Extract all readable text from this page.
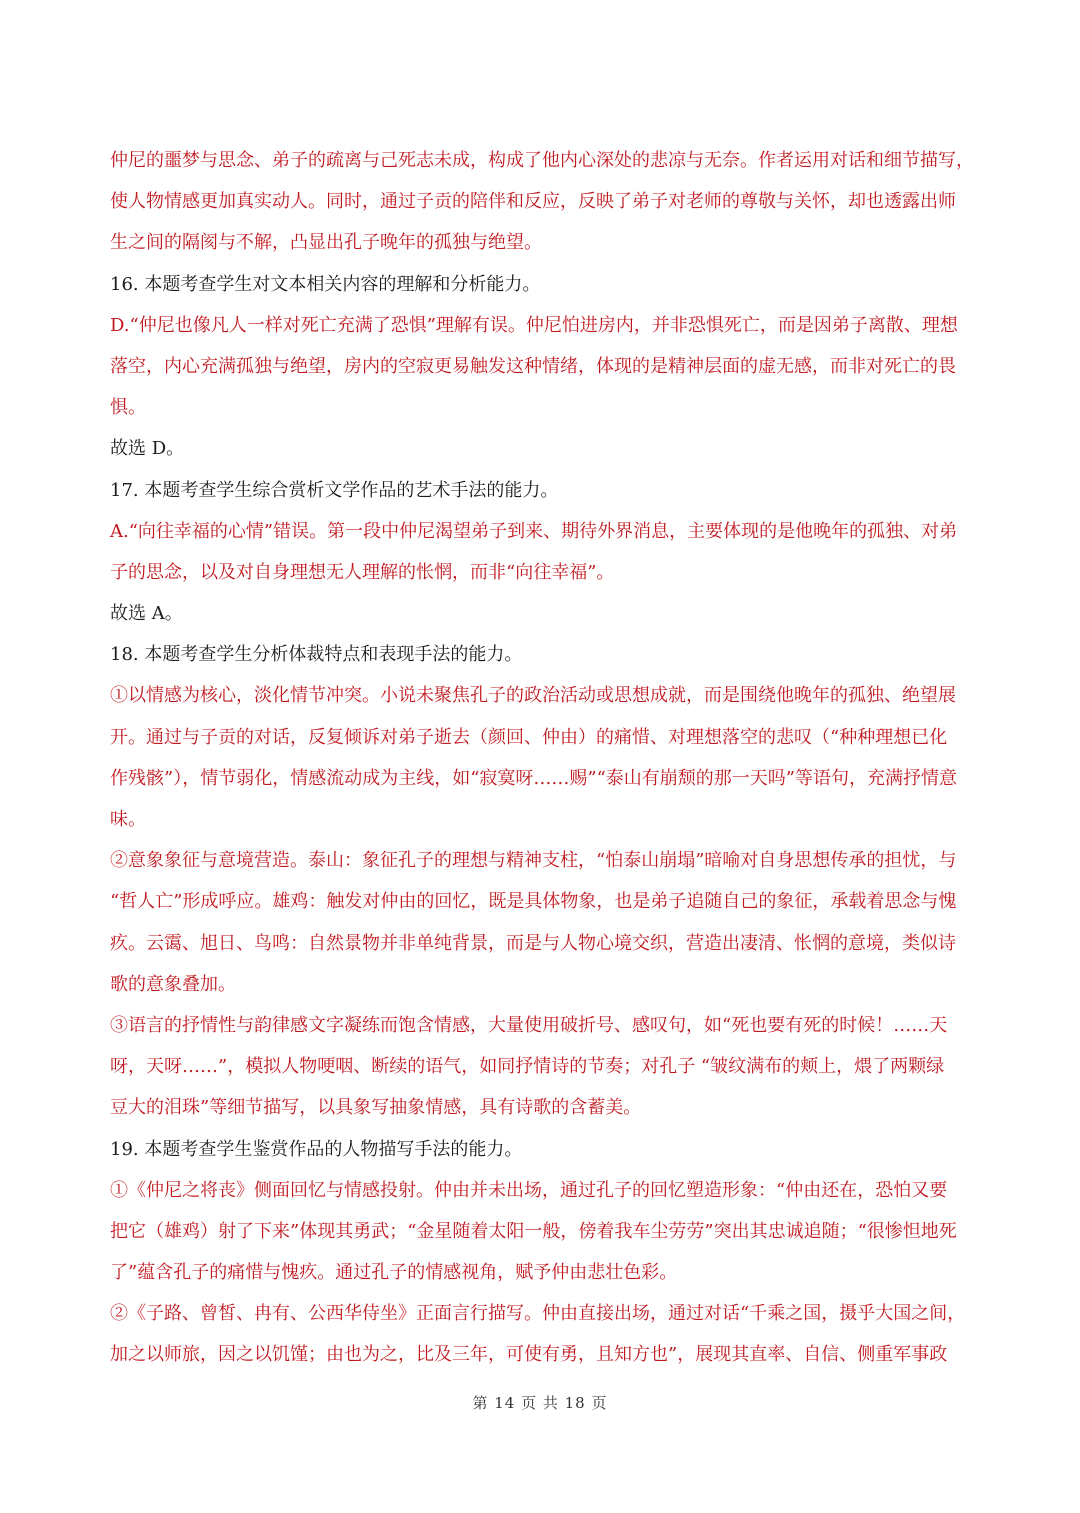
仲尼的噩梦与思念、弟子的疏离与己死志未成，构成了他内心深处的悲凉与无奈。作者运用对话和细节描写，
使人物情感更加真实动人。同时，通过子贡的陪伴和反应，反映了弟子对老师的尊敬与关怀，却也透露出师
生之间的隔阂与不解，凸显出孔子晚年的孤独与绝望。
16. 本题考查学生对文本相关内容的理解和分析能力。
D.“仲尼也像凡人一样对死亡充满了恐惧”理解有误。仲尼怕进房内，并非恐惧死亡，而是因弟子离散、理想
落空，内心充满孤独与绝望，房内的空寂更易触发这种情绪，体现的是精神层面的虚无感，而非对死亡的畏
惧。
故选 D。
17. 本题考查学生综合赏析文学作品的艺术手法的能力。
A.“向往幸福的心情”错误。第一段中仲尼渴望弟子到来、期待外界消息，主要体现的是他晚年的孤独、对弟
子的思念，以及对自身理想无人理解的怅惘，而非“向往幸福”。
故选 A。
18. 本题考查学生分析体裁特点和表现手法的能力。
①以情感为核心，淡化情节冲突。小说未聚焦孔子的政治活动或思想成就，而是围绕他晚年的孤独、绝望展
开。通过与子贡的对话，反复倾诉对弟子逝去（颜回、仲由）的痛惜、对理想落空的悲叹（“种种理想已化
作残骸”），情节弱化，情感流动成为主线，如“寂寞呀……赐”“泰山有崩颓的那一天吗”等语句，充满抒情意
味。
②意象象征与意境营造。泰山：象征孔子的理想与精神支柱，“怕泰山崩塌”暗喻对自身思想传承的担忧，与
“哲人亡”形成呼应。雄鸡：触发对仲由的回忆，既是具体物象，也是弟子追随自己的象征，承载着思念与愧
疚。云霭、旭日、鸟鸣：自然景物并非单纯背景，而是与人物心境交织，营造出凄清、怅惘的意境，类似诗
歌的意象叠加。
③语言的抒情性与韵律感文字凝练而饱含情感，大量使用破折号、感叹句，如“死也要有死的时候！……天
呀，天呀……”，模拟人物哽咽、断续的语气，如同抒情诗的节奏；对孔子 “皱纹满布的颊上，煨了两颗绿
豆大的泪珠”等细节描写，以具象写抽象情感，具有诗歌的含蓄美。
19. 本题考查学生鉴赏作品的人物描写手法的能力。
①《仲尼之将丧》侧面回忆与情感投射。仲由并未出场，通过孔子的回忆塑造形象：“仲由还在，恐怕又要
把它（雄鸡）射了下来”体现其勇武；“金星随着太阳一般，傍着我车尘劳劳”突出其忠诚追随；“很惨怛地死
了”蕴含孔子的痛惜与愧疚。通过孔子的情感视角，赋予仲由悲壮色彩。
②《子路、曾皙、冉有、公西华侍坐》正面言行描写。仲由直接出场，通过对话“千乘之国，摄乎大国之间，
加之以师旅，因之以饥馑；由也为之，比及三年，可使有勇，且知方也”，展现其直率、自信、侧重军事政
第 14 页 共 18 页
